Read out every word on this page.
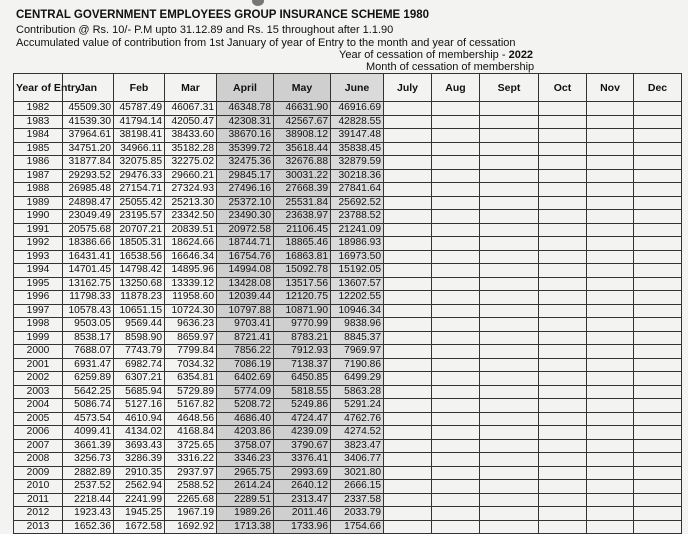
CENTRAL GOVERNMENT EMPLOYEES GROUP INSURANCE SCHEME 1980
Contribution @ Rs. 10/- P.M upto 31.12.89 and Rs. 15 throughout after 1.1.90
Accumulated value of contribution from 1st January of year of Entry to the month and year of cessation
Year of cessation of membership - 2022
Month of cessation of membership
Year of Entry	Jan	Feb	Mar	April	May	June	July	Aug	Sept	Oct	Nov	Dec
1982	45509.30	45787.49	46067.31	46348.78	46631.90	46916.69						
1983	41539.30	41794.14	42050.47	42308.31	42567.67	42828.55						
1984	37964.61	38198.41	38433.60	38670.16	38908.12	39147.48						
1985	34751.20	34966.11	35182.28	35399.72	35618.44	35838.45						
1986	31877.84	32075.85	32275.02	32475.36	32676.88	32879.59						
1987	29293.52	29476.33	29660.21	29845.17	30031.22	30218.36						
1988	26985.48	27154.71	27324.93	27496.16	27668.39	27841.64						
1989	24898.47	25055.42	25213.30	25372.10	25531.84	25692.52						
1990	23049.49	23195.57	23342.50	23490.30	23638.97	23788.52						
1991	20575.68	20707.21	20839.51	20972.58	21106.45	21241.09						
1992	18386.66	18505.31	18624.66	18744.71	18865.46	18986.93						
1993	16431.41	16538.56	16646.34	16754.76	16863.81	16973.50						
1994	14701.45	14798.42	14895.96	14994.08	15092.78	15192.05						
1995	13162.75	13250.68	13339.12	13428.08	13517.56	13607.57						
1996	11798.33	11878.23	11958.60	12039.44	12120.75	12202.55						
1997	10578.43	10651.15	10724.30	10797.88	10871.90	10946.34						
1998	9503.05	9569.44	9636.23	9703.41	9770.99	9838.96						
1999	8538.17	8598.90	8659.97	8721.41	8783.21	8845.37						
2000	7688.07	7743.79	7799.84	7856.22	7912.93	7969.97						
2001	6931.47	6982.74	7034.32	7086.19	7138.37	7190.86						
2002	6259.89	6307.21	6354.81	6402.69	6450.85	6499.29						
2003	5642.25	5685.94	5729.89	5774.09	5818.55	5863.28						
2004	5086.74	5127.16	5167.82	5208.72	5249.86	5291.24						
2005	4573.54	4610.94	4648.56	4686.40	4724.47	4762.76						
2006	4099.41	4134.02	4168.84	4203.86	4239.09	4274.52						
2007	3661.39	3693.43	3725.65	3758.07	3790.67	3823.47						
2008	3256.73	3286.39	3316.22	3346.23	3376.41	3406.77						
2009	2882.89	2910.35	2937.97	2965.75	2993.69	3021.80						
2010	2537.52	2562.94	2588.52	2614.24	2640.12	2666.15						
2011	2218.44	2241.99	2265.68	2289.51	2313.47	2337.58						
2012	1923.43	1945.25	1967.19	1989.26	2011.46	2033.79						
2013	1652.36	1672.58	1692.92	1713.38	1733.96	1754.66						
